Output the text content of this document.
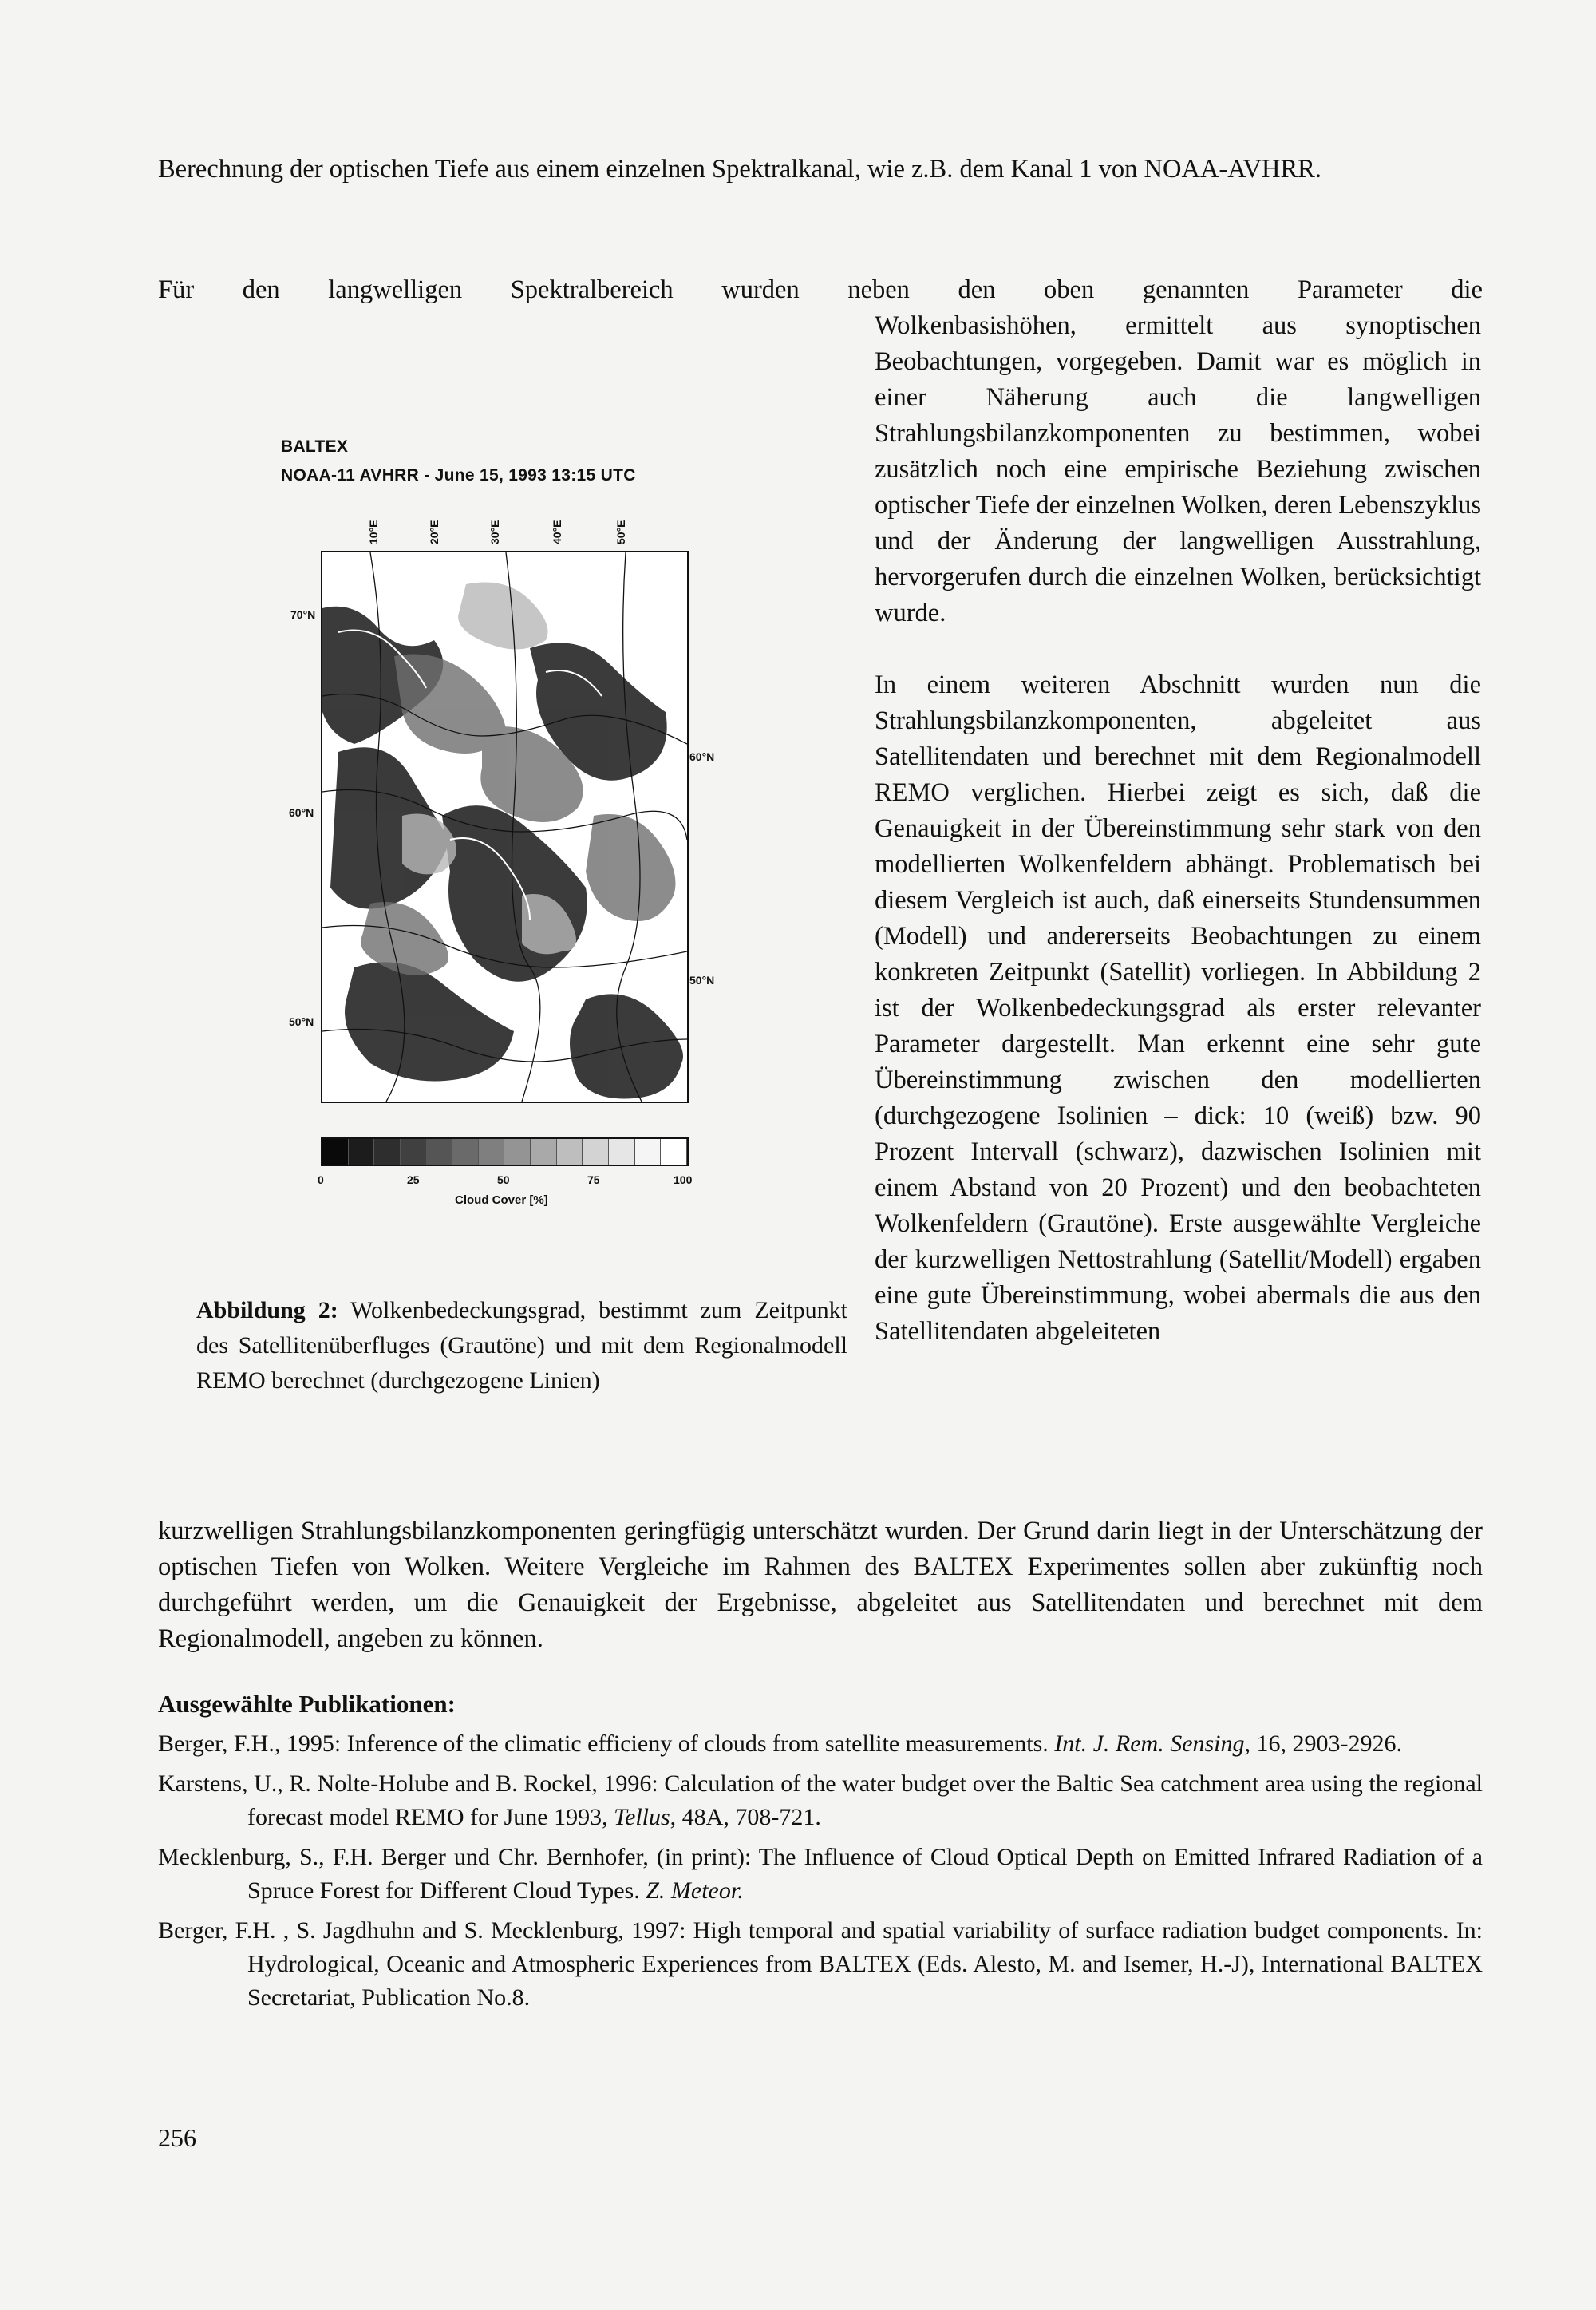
Berechnung der optischen Tiefe aus einem einzelnen Spektralkanal, wie z.B. dem Kanal 1 von NOAA-AVHRR.

Für den langwelligen Spektralbereich wurden neben den oben genannten Parameter die

Wolkenbasishöhen, ermittelt aus synoptischen Beobachtungen, vorgegeben. Damit war es möglich in einer Näherung auch die langwelligen Strahlungsbilanzkomponenten zu bestimmen, wobei zusätzlich noch eine empirische Beziehung zwischen optischer Tiefe der einzelnen Wolken, deren Lebenszyklus und der Änderung der langwelligen Ausstrahlung, hervorgerufen durch die einzelnen Wolken, berücksichtigt wurde.

In einem weiteren Abschnitt wurden nun die Strahlungsbilanzkomponenten, abgeleitet aus Satellitendaten und berechnet mit dem Regionalmodell REMO verglichen. Hierbei zeigt es sich, daß die Genauigkeit in der Übereinstimmung sehr stark von den modellierten Wolkenfeldern abhängt. Problematisch bei diesem Vergleich ist auch, daß einerseits Stundensummen (Modell) und andererseits Beobachtungen zu einem konkreten Zeitpunkt (Satellit) vorliegen. In Abbildung 2 ist der Wolkenbedeckungsgrad als erster relevanter Parameter dargestellt. Man erkennt eine sehr gute Übereinstimmung zwischen den modellierten (durchgezogene Isolinien – dick: 10 (weiß) bzw. 90 Prozent Intervall (schwarz), dazwischen Isolinien mit einem Abstand von 20 Prozent) und den beobachteten Wolkenfeldern (Grautöne). Erste ausgewählte Vergleiche der kurzwelligen Nettostrahlung (Satellit/Modell) ergaben eine gute Übereinstimmung, wobei abermals die aus den Satellitendaten abgeleiteten

BALTEX
NOAA-11 AVHRR - June 15, 1993 13:15 UTC
10°E	20°E	30°E	40°E	50°E
70°N
60°N
60°N
50°N
50°N
0	25	50	75	100
Cloud Cover [%]
Abbildung 2: Wolkenbedeckungsgrad, bestimmt zum Zeitpunkt des Satellitenüberfluges (Grautöne) und mit dem Regionalmodell REMO berechnet (durchgezogene Linien)

kurzwelligen Strahlungsbilanzkomponenten geringfügig unterschätzt wurden. Der Grund darin liegt in der Unterschätzung der optischen Tiefen von Wolken. Weitere Vergleiche im Rahmen des BALTEX Experimentes sollen aber zukünftig noch durchgeführt werden, um die Genauigkeit der Ergebnisse, abgeleitet aus Satellitendaten und berechnet mit dem Regionalmodell, angeben zu können.

Ausgewählte Publikationen:

Berger, F.H., 1995: Inference of the climatic efficieny of clouds from satellite measurements. Int. J. Rem. Sensing, 16, 2903-2926.

Karstens, U., R. Nolte-Holube and B. Rockel, 1996: Calculation of the water budget over the Baltic Sea catchment area using the regional forecast model REMO for June 1993, Tellus, 48A, 708-721.

Mecklenburg, S., F.H. Berger und Chr. Bernhofer, (in print): The Influence of Cloud Optical Depth on Emitted Infrared Radiation of a Spruce Forest for Different Cloud Types. Z. Meteor.

Berger, F.H. , S. Jagdhuhn and S. Mecklenburg, 1997: High temporal and spatial variability of surface radiation budget components. In: Hydrological, Oceanic and Atmospheric Experiences from BALTEX (Eds. Alesto, M. and Isemer, H.-J), International BALTEX Secretariat, Publication No.8.

256
